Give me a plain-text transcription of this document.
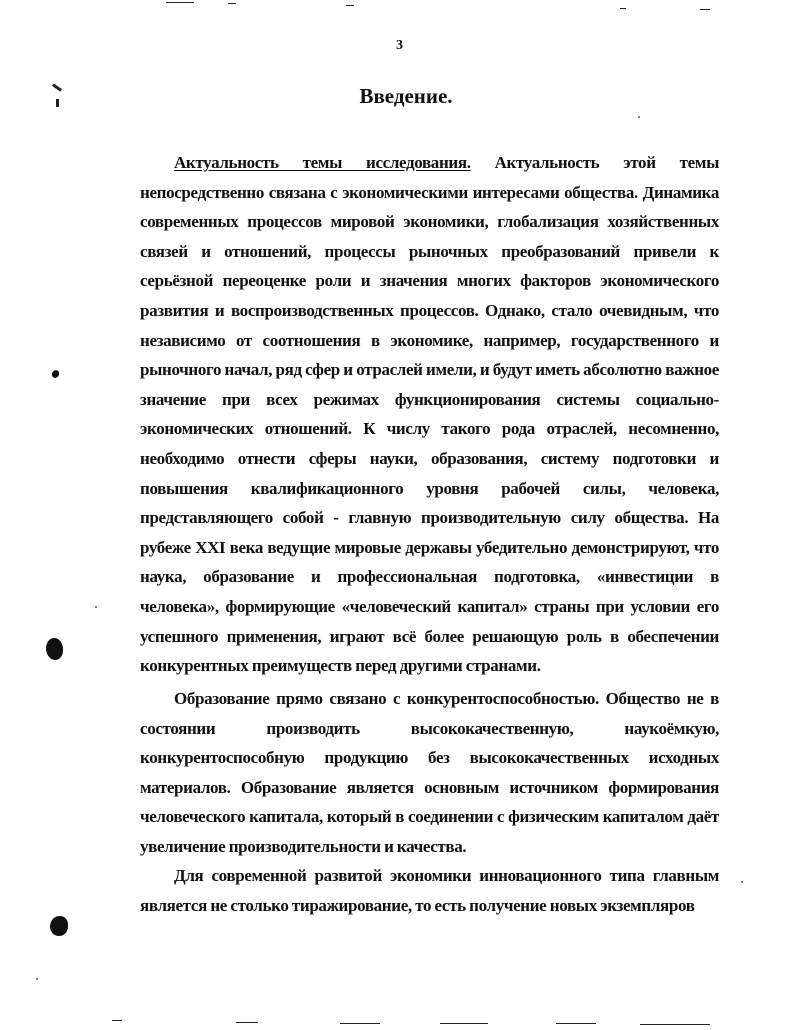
3
Введение.

Актуальность темы исследования. Актуальность этой темы непосредственно связана с экономическими интересами общества. Динамика современных процессов мировой экономики, глобализация хозяйственных связей и отношений, процессы рыночных преобразований привели к серьёзной переоценке роли и значения многих факторов экономического развития и воспроизводственных процессов. Однако, стало очевидным, что независимо от соотношения в экономике, например, государственного и рыночного начал, ряд сфер и отраслей имели, и будут иметь абсолютно важное значение при всех режимах функционирования системы социально-экономических отношений. К числу такого рода отраслей, несомненно, необходимо отнести сферы науки, образования, систему подготовки и повышения квалификационного уровня рабочей силы, человека, представляющего собой - главную производительную силу общества. На рубеже XXI века ведущие мировые державы убедительно демонстрируют, что наука, образование и профессиональная подготовка, «инвестиции в человека», формирующие «человеческий капитал» страны при условии его успешного применения, играют всё более решающую роль в обеспечении конкурентных преимуществ перед другими странами.

Образование прямо связано с конкурентоспособностью. Общество не в состоянии производить высококачественную, наукоёмкую, конкурентоспособную продукцию без высококачественных исходных материалов. Образование является основным источником формирования человеческого капитала, который в соединении с физическим капиталом даёт увеличение производительности и качества.

Для современной развитой экономики инновационного типа главным является не столько тиражирование, то есть получение новых экземпляров
